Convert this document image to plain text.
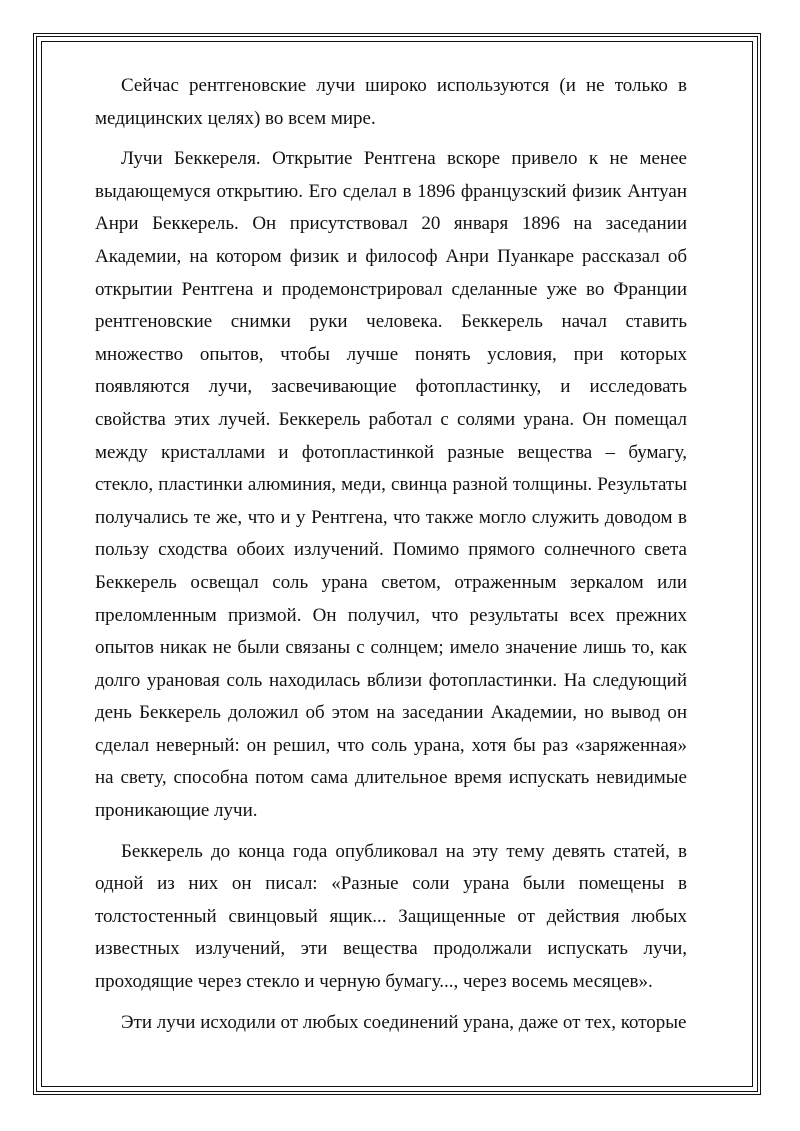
Сейчас рентгеновские лучи широко используются (и не только в медицинских целях) во всем мире.

Лучи Беккереля. Открытие Рентгена вскоре привело к не менее выдающемуся открытию. Его сделал в 1896 французский физик Антуан Анри Беккерель. Он присутствовал 20 января 1896 на заседании Академии, на котором физик и философ Анри Пуанкаре рассказал об открытии Рентгена и продемонстрировал сделанные уже во Франции рентгеновские снимки руки человека. Беккерель начал ставить множество опытов, чтобы лучше понять условия, при которых появляются лучи, засвечивающие фотопластинку, и исследовать свойства этих лучей. Беккерель работал с солями урана. Он помещал между кристаллами и фотопластинкой разные вещества – бумагу, стекло, пластинки алюминия, меди, свинца разной толщины. Результаты получались те же, что и у Рентгена, что также могло служить доводом в пользу сходства обоих излучений. Помимо прямого солнечного света Беккерель освещал соль урана светом, отраженным зеркалом или преломленным призмой. Он получил, что результаты всех прежних опытов никак не были связаны с солнцем; имело значение лишь то, как долго урановая соль находилась вблизи фотопластинки. На следующий день Беккерель доложил об этом на заседании Академии, но вывод он сделал неверный: он решил, что соль урана, хотя бы раз «заряженная» на свету, способна потом сама длительное время испускать невидимые проникающие лучи.

Беккерель до конца года опубликовал на эту тему девять статей, в одной из них он писал: «Разные соли урана были помещены в толстостенный свинцовый ящик... Защищенные от действия любых известных излучений, эти вещества продолжали испускать лучи, проходящие через стекло и черную бумагу..., через восемь месяцев».

Эти лучи исходили от любых соединений урана, даже от тех, которые
